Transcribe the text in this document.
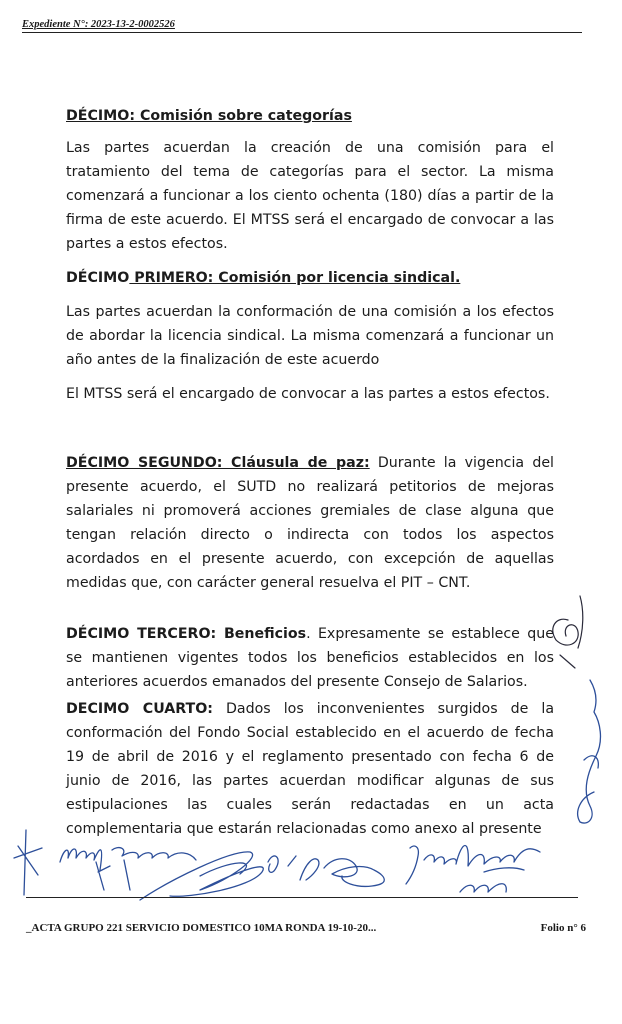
Expediente N°: 2023-13-2-0002526

DÉCIMO: Comisión sobre categorías

Las partes acuerdan la creación de una comisión para el tratamiento del tema de categorías para el sector. La misma comenzará a funcionar a los ciento ochenta (180) días a partir de la firma de este acuerdo. El MTSS será el encargado de convocar a las partes a estos efectos.

DÉCIMO PRIMERO: Comisión por licencia sindical.

Las partes acuerdan la conformación de una comisión a los efectos de abordar la licencia sindical. La misma comenzará a funcionar un año antes de la finalización de este acuerdo

El MTSS será el encargado de convocar a las partes a estos efectos.

DÉCIMO SEGUNDO: Cláusula de paz: Durante la vigencia del presente acuerdo, el SUTD no realizará petitorios de mejoras salariales ni promoverá acciones gremiales de clase alguna que tengan relación directo o indirecta con todos los aspectos acordados en el presente acuerdo, con excepción de aquellas medidas que, con carácter general resuelva el PIT – CNT.

DÉCIMO TERCERO: Beneficios. Expresamente se establece que se mantienen vigentes todos los beneficios establecidos en los anteriores acuerdos emanados del presente Consejo de Salarios.

DECIMO CUARTO: Dados los inconvenientes surgidos de la conformación del Fondo Social establecido en el acuerdo de fecha 19 de abril de 2016 y el reglamento presentado con fecha 6 de junio de 2016, las partes acuerdan modificar algunas de sus estipulaciones las cuales serán redactadas en un acta complementaria que estarán relacionadas como anexo al presente

_ACTA GRUPO 221 SERVICIO DOMESTICO 10MA RONDA 19-10-20...	Folio n° 6
